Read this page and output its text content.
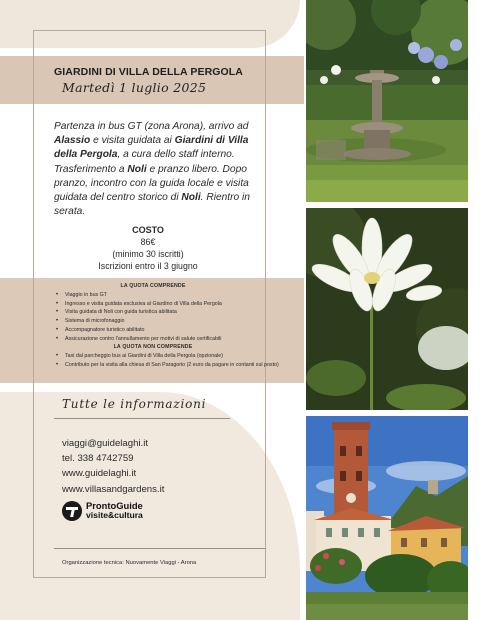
GIARDINI DI VILLA DELLA PERGOLA
Martedì 1 luglio 2025
Partenza in bus GT (zona Arona), arrivo ad Alassio e visita guidata ai Giardini di Villa della Pergola, a cura dello staff interno. Trasferimento a Noli e pranzo libero. Dopo pranzo, incontro con la guida locale e visita guidata del centro storico di Noli. Rientro in serata.
COSTO
86€
(minimo 30 iscritti)
Iscrizioni entro il 3 giugno
LA QUOTA COMPRENDE
• Viaggio in bus GT
• Ingresso e visita guidata esclusiva al Giardino di Villa della Pergola
• Visita guidata di Noli con guida turistica abilitata
• Sistema di microfonaggio
• Accompagnatore turistico abilitato
• Assicurazione contro l'annullamento per motivi di salute certificabili
LA QUOTA NON COMPRENDE
• Taxi dal parcheggio bus ai Giardini di Villa della Pergola (opzionale)
• Contributo per la visita alla chiesa di San Paragorio (2 euro da pagare in contanti sul posto)
Tutte le informazioni
viaggi@guidelaghi.it
tel. 338 4742759
www.guidelaghi.it
www.villasandgardens.it
ProntoGuide
visite&cultura
Organizzazione tecnica: Nuovamente Viaggi - Arona
